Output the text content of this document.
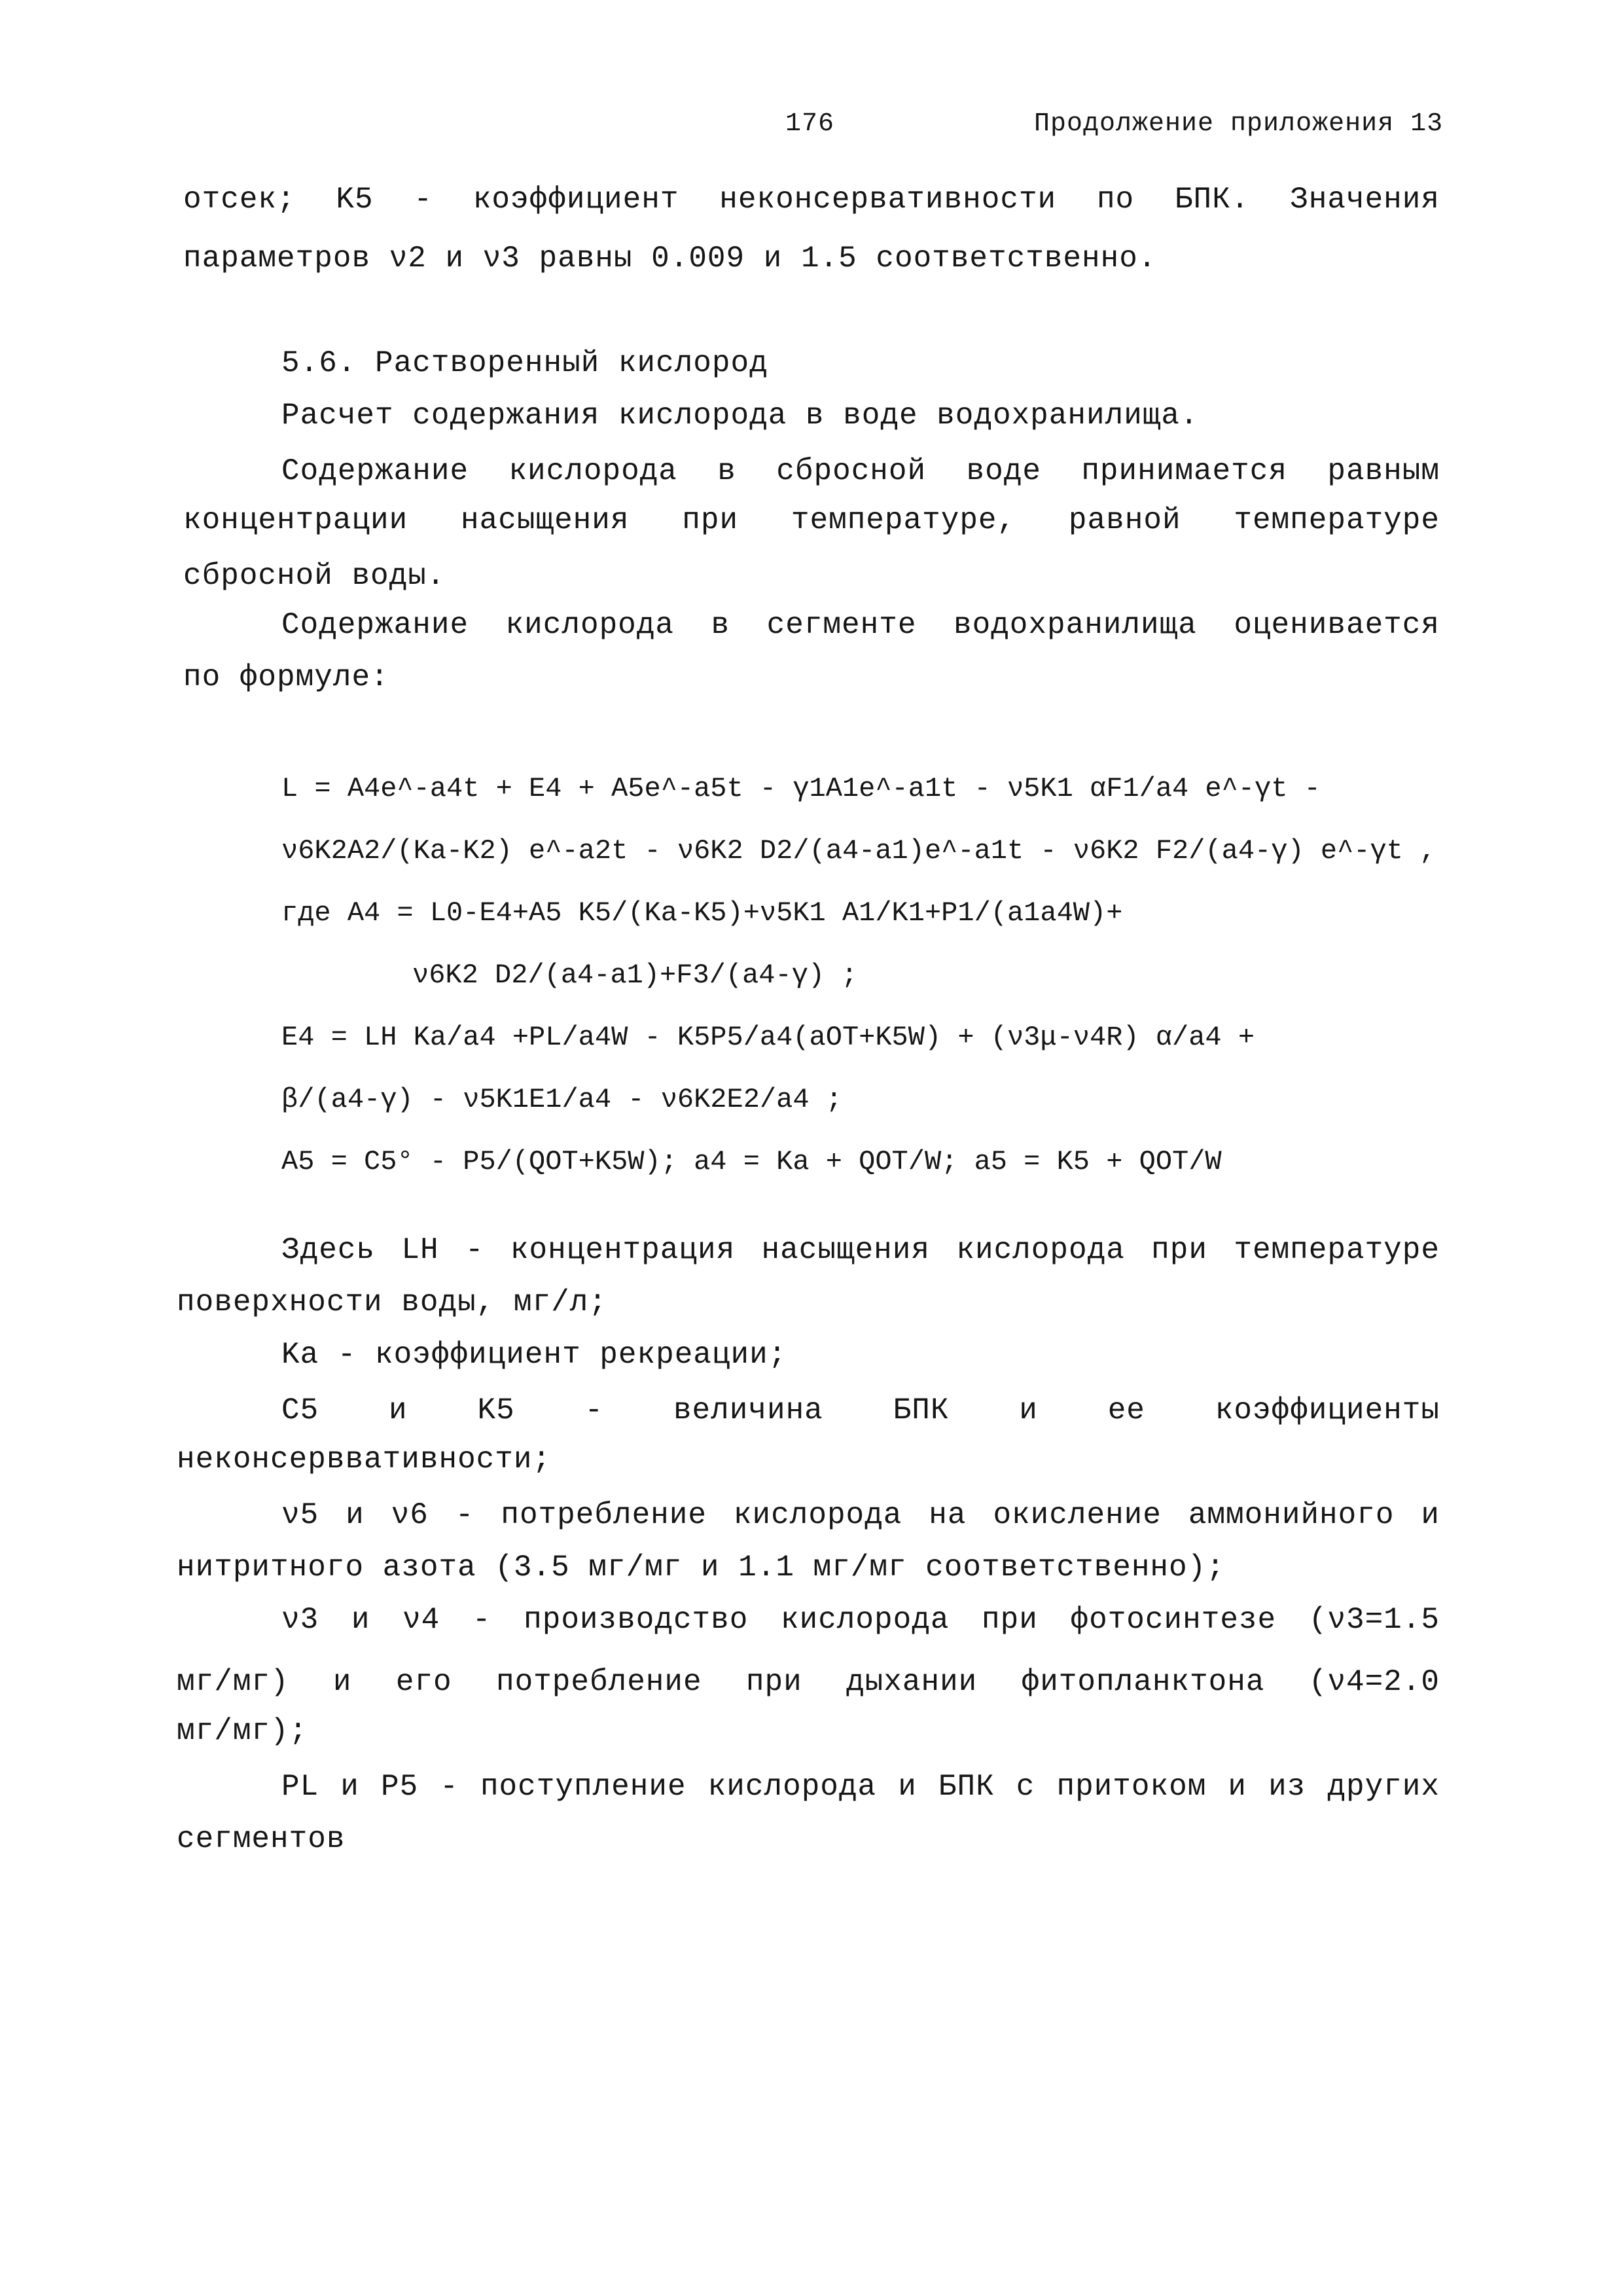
176	Продолжение приложения 13
отсек; K5 - коэффициент неконсервативности по БПК. Значения
параметров ν2 и ν3 равны 0.009 и 1.5 соответственно.
5.6. Растворенный кислород
Расчет содержания кислорода в воде водохранилища.
Содержание кислорода в сбросной воде принимается равным
концентрации насыщения при температуре, равной температуре
сбросной воды.
Содержание кислорода в сегменте водохранилища оценивается
по формуле:
L = A4e^-a4t + E4 + A5e^-a5t - γ1A1e^-a1t - ν5K1 αF1/a4 e^-γt -
ν6K2A2/(Ka-K2) e^-a2t - ν6K2 D2/(a4-a1)e^-a1t - ν6K2 F2/(a4-γ) e^-γt ,
где A4 = L0-E4+A5 K5/(Ka-K5)+ν5K1 A1/K1+P1/(a1a4W)+
ν6K2 D2/(a4-a1)+F3/(a4-γ) ;
E4 = LH Ka/a4 +PL/a4W - K5P5/a4(aOT+K5W) + (ν3μ-ν4R) α/a4 +
β/(a4-γ) - ν5K1E1/a4 - ν6K2E2/a4 ;
A5 = C5° - P5/(QOT+K5W); a4 = Ka + QOT/W; a5 = K5 + QOT/W
Здесь LH - концентрация насыщения кислорода при температуре
поверхности воды, мг/л;
Ka - коэффициент рекреации;
C5 и K5 - величина БПК и ее коэффициенты
неконсерввативности;
ν5 и ν6 - потребление кислорода на окисление аммонийного и
нитритного азота (3.5 мг/мг и 1.1 мг/мг соответственно);
ν3 и ν4 - производство кислорода при фотосинтезе (ν3=1.5
мг/мг) и его потребление при дыхании фитопланктона (ν4=2.0
мг/мг);
PL и P5 - поступление кислорода и БПК с притоком и из других
сегментов
